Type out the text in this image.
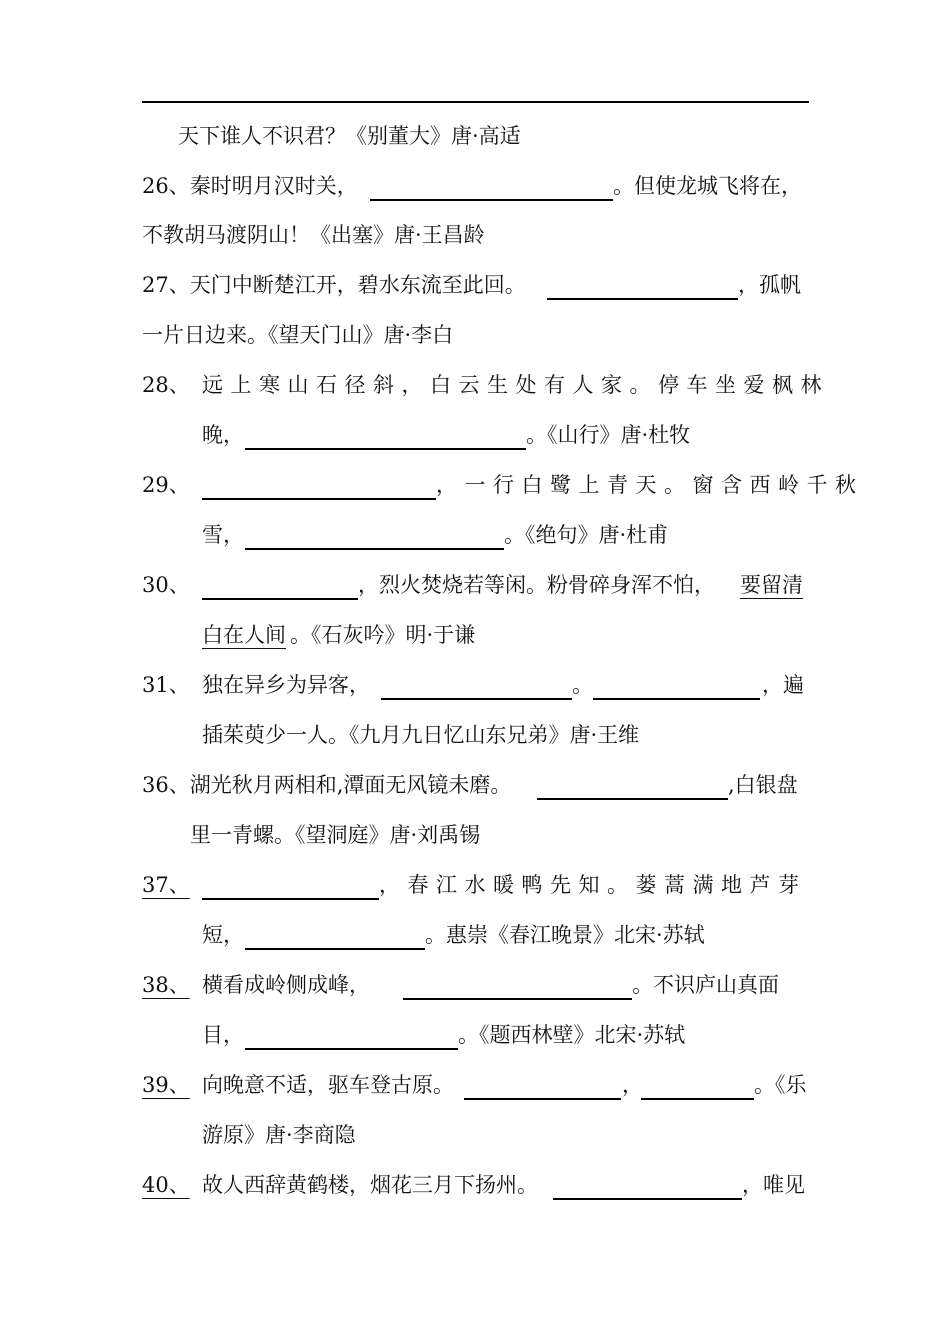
天下谁人不识君？《别董大》唐·高适
26、秦时明月汉时关，	。但使龙城飞将在，
不教胡马渡阴山！《出塞》唐·王昌龄
27、天门中断楚江开，碧水东流至此回。	，孤帆
一片日边来。《望天门山》唐·李白
28、 远上寒山石径斜，白云生处有人家。停车坐爱枫林
晚，	。《山行》唐·杜牧
29、	，一行白鹭上青天。窗含西岭千秋
雪，	。《绝句》唐·杜甫
30、	，烈火焚烧若等闲。粉骨碎身浑不怕， 要留清
白在人间 。《石灰吟》明·于谦
31、 独在异乡为异客，	。	，遍
插茱萸少一人。《九月九日忆山东兄弟》唐·王维
36、湖光秋月两相和,潭面无风镜未磨。	,白银盘
里一青螺。《望洞庭》唐·刘禹锡
37、	，春江水暖鸭先知。蒌蒿满地芦芽
短，	。惠崇《春江晚景》北宋·苏轼
38、 横看成岭侧成峰，	。不识庐山真面
目，	。《题西林壁》北宋·苏轼
39、 向晚意不适，驱车登古原。	，	。《乐
游原》唐·李商隐
40、 故人西辞黄鹤楼，烟花三月下扬州。	，唯见
